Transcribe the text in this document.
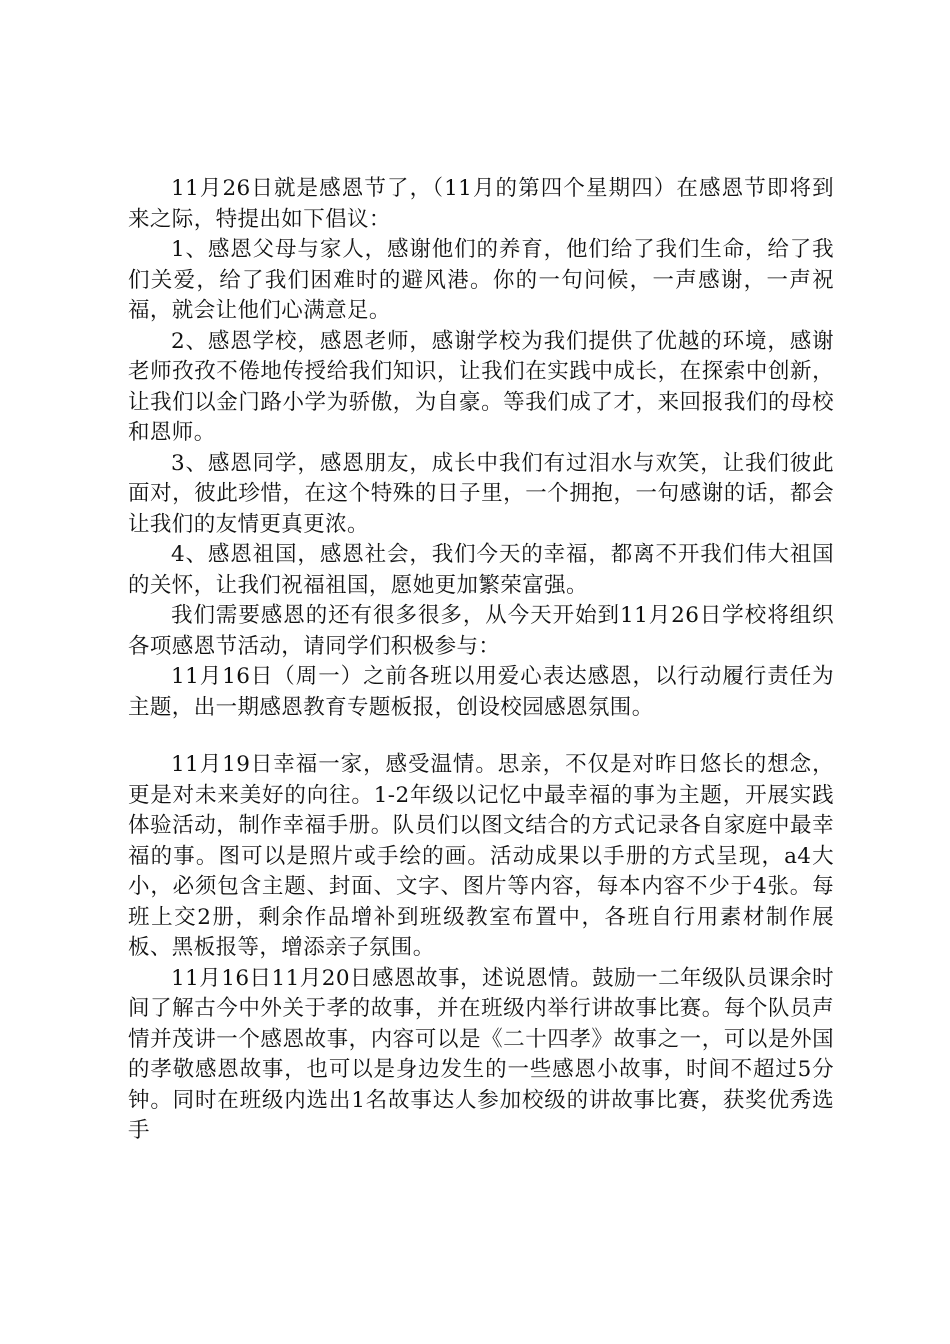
11月26日就是感恩节了，（11月的第四个星期四）在感恩节即将到来之际，特提出如下倡议：

1、感恩父母与家人，感谢他们的养育，他们给了我们生命，给了我们关爱，给了我们困难时的避风港。你的一句问候，一声感谢，一声祝福，就会让他们心满意足。

2、感恩学校，感恩老师，感谢学校为我们提供了优越的环境，感谢老师孜孜不倦地传授给我们知识，让我们在实践中成长，在探索中创新，让我们以金门路小学为骄傲，为自豪。等我们成了才，来回报我们的母校和恩师。

3、感恩同学，感恩朋友，成长中我们有过泪水与欢笑，让我们彼此面对，彼此珍惜，在这个特殊的日子里，一个拥抱，一句感谢的话，都会让我们的友情更真更浓。

4、感恩祖国，感恩社会，我们今天的幸福，都离不开我们伟大祖国的关怀，让我们祝福祖国，愿她更加繁荣富强。

我们需要感恩的还有很多很多，从今天开始到11月26日学校将组织各项感恩节活动，请同学们积极参与：

11月16日（周一）之前各班以用爱心表达感恩，以行动履行责任为主题，出一期感恩教育专题板报，创设校园感恩氛围。

11月19日幸福一家，感受温情。思亲，不仅是对昨日悠长的想念，更是对未来美好的向往。1-2年级以记忆中最幸福的事为主题，开展实践体验活动，制作幸福手册。队员们以图文结合的方式记录各自家庭中最幸福的事。图可以是照片或手绘的画。活动成果以手册的方式呈现，a4大小，必须包含主题、封面、文字、图片等内容，每本内容不少于4张。每班上交2册，剩余作品增补到班级教室布置中，各班自行用素材制作展板、黑板报等，增添亲子氛围。

11月16日11月20日感恩故事，述说恩情。鼓励一二年级队员课余时间了解古今中外关于孝的故事，并在班级内举行讲故事比赛。每个队员声情并茂讲一个感恩故事，内容可以是《二十四孝》故事之一，可以是外国的孝敬感恩故事，也可以是身边发生的一些感恩小故事，时间不超过5分钟。同时在班级内选出1名故事达人参加校级的讲故事比赛，获奖优秀选手
